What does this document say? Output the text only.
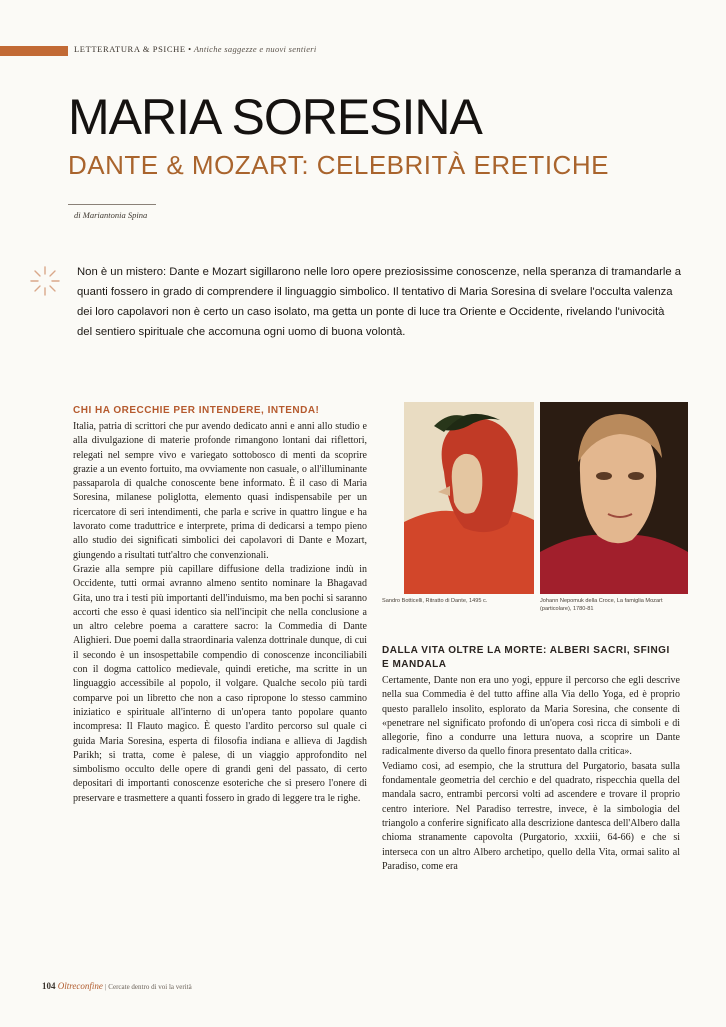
LETTERATURA & PSICHE • Antiche saggezze e nuovi sentieri
MARIA SORESINA
DANTE & MOZART: CELEBRITÀ ERETICHE
di Mariantonia Spina

Non è un mistero: Dante e Mozart sigillarono nelle loro opere preziosissime conoscenze, nella speranza di tramandarle a quanti fossero in grado di comprendere il linguaggio simbolico. Il tentativo di Maria Soresina di svelare l'occulta valenza dei loro capolavori non è certo un caso isolato, ma getta un ponte di luce tra Oriente e Occidente, rivelando l'univocità del sentiero spirituale che accomuna ogni uomo di buona volontà.

CHI HA ORECCHIE PER INTENDERE, INTENDA!

Italia, patria di scrittori che pur avendo dedicato anni e anni allo studio e alla divulgazione di materie profonde rimangono lontani dai riflettori, relegati nel sempre vivo e variegato sottobosco di menti da scoprire grazie a un evento fortuito, ma ovviamente non casuale, o all'illuminante passaparola di qualche conoscente bene informato. È il caso di Maria Soresina, milanese poliglotta, elemento quasi indispensabile per un ricercatore di seri intendimenti, che parla e scrive in quattro lingue e ha lavorato come traduttrice e interprete, prima di dedicarsi a tempo pieno allo studio dei significati simbolici dei capolavori di Dante e Mozart, giungendo a risultati tutt'altro che convenzionali.

Grazie alla sempre più capillare diffusione della tradizione indù in Occidente, tutti ormai avranno almeno sentito nominare la Bhagavad Gita, uno tra i testi più importanti dell'induismo, ma ben pochi si saranno accorti che esso è quasi identico sia nell'incipit che nella conclusione a un altro celebre poema a carattere sacro: la Commedia di Dante Alighieri. Due poemi dalla straordinaria valenza dottrinale dunque, di cui il secondo è un insospettabile compendio di conoscenze inconciliabili con il dogma cattolico medievale, quindi eretiche, ma scritte in un linguaggio accessibile al popolo, il volgare. Qualche secolo più tardi comparve poi un libretto che non a caso ripropone lo stesso cammino iniziatico e spirituale all'interno di un'opera tanto popolare quanto incompresa: Il Flauto magico. È questo l'ardito percorso sul quale ci guida Maria Soresina, esperta di filosofia indiana e allieva di Jagdish Parikh; si tratta, come è palese, di un viaggio approfondito nel simbolismo occulto delle opere di grandi geni del passato, di certo depositari di importanti conoscenze esoteriche che si presero l'onere di preservare e trasmettere a quanti fossero in grado di leggere tra le righe.

Sandro Botticelli, Ritratto di Dante, 1495 c.	Johann Nepomuk della Croce, La famiglia Mozart (particolare), 1780-81
DALLA VITA OLTRE LA MORTE: ALBERI SACRI, SFINGI E MANDALA

Certamente, Dante non era uno yogi, eppure il percorso che egli descrive nella sua Commedia è del tutto affine alla Via dello Yoga, ed è proprio questo parallelo insolito, esplorato da Maria Soresina, che consente di «penetrare nel significato profondo di un'opera così ricca di simboli e di allegorie, fino a condurre una lettura nuova, a scoprire un Dante radicalmente diverso da quello finora presentato dalla critica».

Vediamo così, ad esempio, che la struttura del Purgatorio, basata sulla fondamentale geometria del cerchio e del quadrato, rispecchia quella del mandala sacro, entrambi percorsi volti ad ascendere e trovare il proprio centro interiore. Nel Paradiso terrestre, invece, è la simbologia del triangolo a conferire significato alla descrizione dantesca dell'Albero dalla chioma stranamente capovolta (Purgatorio, xxxiii, 64-66) e che si interseca con un altro Albero archetipo, quello della Vita, ormai salito al Paradiso, come era

104 Oltreconfine | Cercate dentro di voi la verità
